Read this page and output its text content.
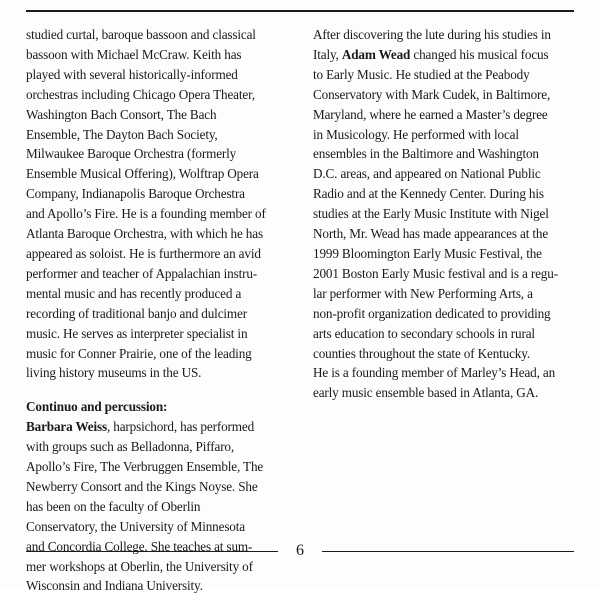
studied curtal, baroque bassoon and classical
bassoon with Michael McCraw. Keith has
played with several historically-informed
orchestras including Chicago Opera Theater,
Washington Bach Consort, The Bach
Ensemble, The Dayton Bach Society,
Milwaukee Baroque Orchestra (formerly
Ensemble Musical Offering), Wolftrap Opera
Company, Indianapolis Baroque Orchestra
and Apollo’s Fire. He is a founding member of
Atlanta Baroque Orchestra, with which he has
appeared as soloist. He is furthermore an avid
performer and teacher of Appalachian instru-
mental music and has recently produced a
recording of traditional banjo and dulcimer
music. He serves as interpreter specialist in
music for Conner Prairie, one of the leading
living history museums in the US.
Continuo and percussion:
Barbara Weiss, harpsichord, has performed
with groups such as Belladonna, Piffaro,
Apollo’s Fire, The Verbruggen Ensemble, The
Newberry Consort and the Kings Noyse. She
has been on the faculty of Oberlin
Conservatory, the University of Minnesota
and Concordia College. She teaches at sum-
mer workshops at Oberlin, the University of
Wisconsin and Indiana University.
After discovering the lute during his studies in
Italy, Adam Wead changed his musical focus
to Early Music. He studied at the Peabody
Conservatory with Mark Cudek, in Baltimore,
Maryland, where he earned a Master’s degree
in Musicology. He performed with local
ensembles in the Baltimore and Washington
D.C. areas, and appeared on National Public
Radio and at the Kennedy Center. During his
studies at the Early Music Institute with Nigel
North, Mr. Wead has made appearances at the
1999 Bloomington Early Music Festival, the
2001 Boston Early Music festival and is a regu-
lar performer with New Performing Arts, a
non-profit organization dedicated to providing
arts education to secondary schools in rural
counties throughout the state of Kentucky.
He is a founding member of Marley’s Head, an
early music ensemble based in Atlanta, GA.
6
